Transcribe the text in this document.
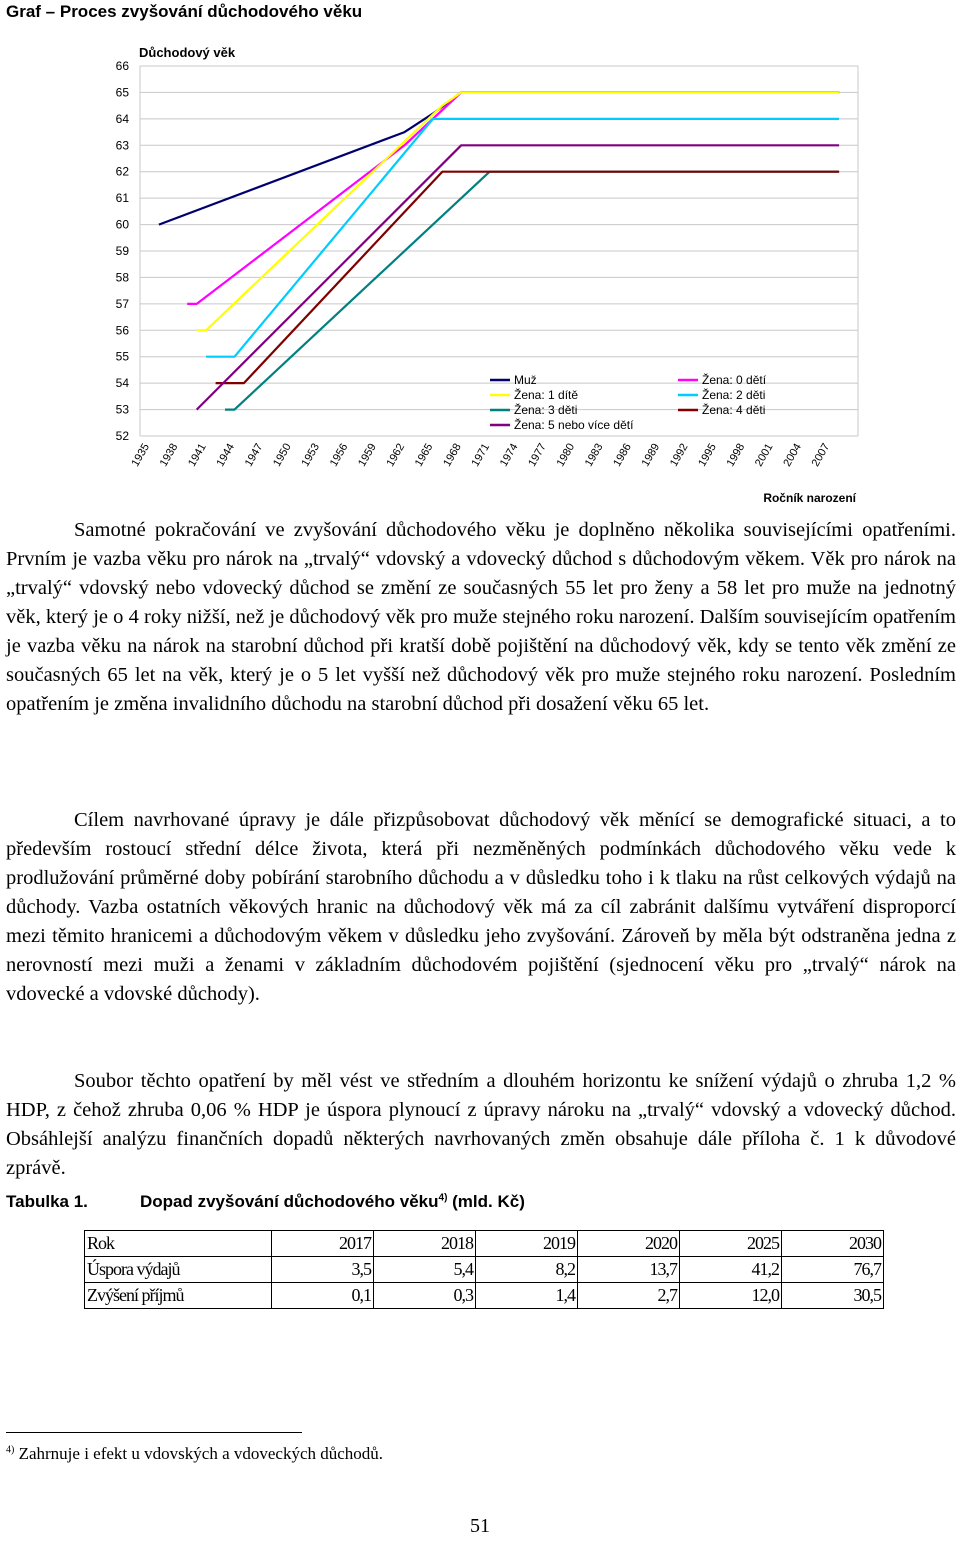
Graf – Proces zvyšování důchodového věku
52
53
54
55
56
57
58
59
60
61
62
63
64
65
66
1935 1938 1941 1944 1947 1950 1953 1956 1959 1962 1965 1968 1971 1974 1977 1980 1983 1986 1989 1992 1995 1998 2001 2004 2007
Důchodový věk
Ročník narození
Muž	Žena: 0 dětí
Žena: 1 dítě	Žena: 2 děti
Žena: 3 děti	Žena: 4 děti
Žena: 5 nebo více dětí

Samotné pokračování ve zvyšování důchodového věku je doplněno několika souvisejícími opatřeními. Prvním je vazba věku pro nárok na „trvalý“ vdovský a vdovecký důchod s důchodovým věkem. Věk pro nárok na „trvalý“ vdovský nebo vdovecký důchod se změní ze současných 55 let pro ženy a 58 let pro muže na jednotný věk, který je o 4 roky nižší, než je důchodový věk pro muže stejného roku narození. Dalším souvisejícím opatřením je vazba věku na nárok na starobní důchod při kratší době pojištění na důchodový věk, kdy se tento věk změní ze současných 65 let na věk, který je o 5 let vyšší než důchodový věk pro muže stejného roku narození. Posledním opatřením je změna invalidního důchodu na starobní důchod při dosažení věku 65 let.

Cílem navrhované úpravy je dále přizpůsobovat důchodový věk měnící se demografické situaci, a to především rostoucí střední délce života, která při nezměněných podmínkách důchodového věku vede k prodlužování průměrné doby pobírání starobního důchodu a v důsledku toho i k tlaku na růst celkových výdajů na důchody. Vazba ostatních věkových hranic na důchodový věk má za cíl zabránit dalšímu vytváření disproporcí mezi těmito hranicemi a důchodovým věkem v důsledku jeho zvyšování. Zároveň by měla být odstraněna jedna z nerovností mezi muži a ženami v základním důchodovém pojištění (sjednocení věku pro „trvalý“ nárok na vdovecké a vdovské důchody).

Soubor těchto opatření by měl vést ve středním a dlouhém horizontu ke snížení výdajů o zhruba 1,2 % HDP, z čehož zhruba 0,06 % HDP je úspora plynoucí z úpravy nároku na „trvalý“ vdovský a vdovecký důchod. Obsáhlejší analýzu finančních dopadů některých navrhovaných změn obsahuje dále příloha č. 1 k důvodové zprávě.

Tabulka 1.	Dopad zvyšování důchodového věku$^{4)}$ (mld. Kč)
Rok	2017	2018	2019	2020	2025	2030
Úspora výdajů	3,5	5,4	8,2	13,7	41,2	76,7
Zvýšení příjmů	0,1	0,3	1,4	2,7	12,0	30,5
$^{4)}$ Zahrnuje i efekt u vdovských a vdoveckých důchodů.
51
